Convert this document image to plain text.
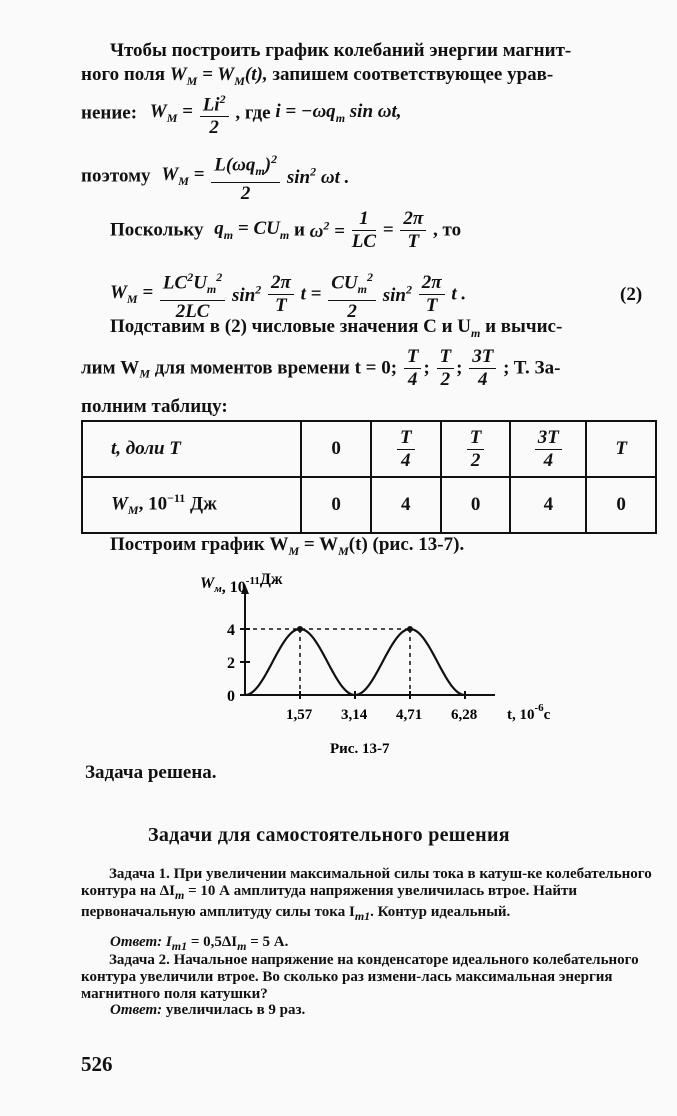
Чтобы построить график колебаний энергии магнит-
ного поля $W_M = W_M(t)$, запишем соответствующее урав-
нение: $W_M = \frac{Li^2}{2}$ , где $i = -\omega q_m$ sin ωt,
поэтому $W_M = \frac{L(\omega q_m)^2}{2} \sin^2 \omega t$ .
Поскольку $q_m = CU_m$ и $\omega^2 = \frac{1}{LC} = \frac{2\pi}{T}$ , то
$W_M = \frac{LC^2U_m^2}{2LC} \sin^2 \frac{2\pi}{T}$ $t = \frac{CU_m^2}{2} \sin^2 \frac{2\pi}{T}$ t .	(2)
Подставим в (2) числовые значения C и $U_m$ и вычис-
лим $W_M$ для моментов времени t = 0; $\frac{T}{4}$ ; $\frac{T}{2}$ ; $\frac{3T}{4}$ ; T. За-
полним таблицу:
t, доли T	0	$\frac{T}{4}$	$\frac{T}{2}$	$\frac{3T}{4}$	T
$W_M$, $10^{-11}$ Дж	0	4	0	4	0
Построим график $W_M = W_M(t)$ (рис. 13-7).
0
2
4
1,57 3,14 4,71 6,28
$W_м$, $10^{-11}Дж$
t, $10^{-6}с$
Рис. 13-7
Задача решена.
Задачи для самостоятельного решения
Задача 1. При увеличении максимальной силы тока в катуш-ке колебательного контура на $\Delta I_m = 10$ А амплитуда напряжения увеличилась втрое. Найти первоначальную амплитуду силы тока $I_{m1}$. Контур идеальный.
Ответ: $I_{m1} = 0,5\Delta I_m = 5$ А.
Задача 2. Начальное напряжение на конденсаторе идеального колебательного контура увеличили втрое. Во сколько раз измени-лась максимальная энергия магнитного поля катушки?
Ответ: увеличилась в 9 раз.
526
